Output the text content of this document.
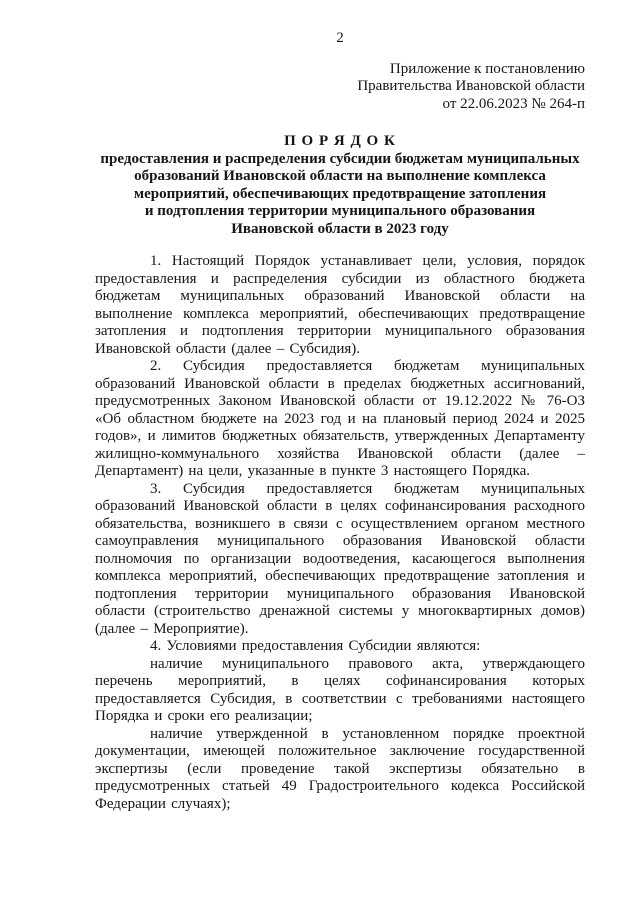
2
Приложение к постановлению
Правительства Ивановской области
от 22.06.2023 № 264-п
П О Р Я Д О К
предоставления и распределения субсидии бюджетам муниципальных
образований Ивановской области на выполнение комплекса
мероприятий, обеспечивающих предотвращение затопления
и подтопления территории муниципального образования
Ивановской области в 2023 году

1. Настоящий Порядок устанавливает цели, условия, порядок предоставления и распределения субсидии из областного бюджета бюджетам муниципальных образований Ивановской области на выполнение комплекса мероприятий, обеспечивающих предотвращение затопления и подтопления территории муниципального образования Ивановской области (далее – Субсидия).

2. Субсидия предоставляется бюджетам муниципальных образований Ивановской области в пределах бюджетных ассигнований, предусмотренных Законом Ивановской области от 19.12.2022 № 76-ОЗ «Об областном бюджете на 2023 год и на плановый период 2024 и 2025 годов», и лимитов бюджетных обязательств, утвержденных Департаменту жилищно-коммунального хозяйства Ивановской области (далее – Департамент) на цели, указанные в пункте 3 настоящего Порядка.

3. Субсидия предоставляется бюджетам муниципальных образований Ивановской области в целях софинансирования расходного обязательства, возникшего в связи с осуществлением органом местного самоуправления муниципального образования Ивановской области полномочия по организации водоотведения, касающегося выполнения комплекса мероприятий, обеспечивающих предотвращение затопления и подтопления территории муниципального образования Ивановской области (строительство дренажной системы у многоквартирных домов) (далее – Мероприятие).

4. Условиями предоставления Субсидии являются:

наличие муниципального правового акта, утверждающего перечень мероприятий, в целях софинансирования которых предоставляется Субсидия, в соответствии с требованиями настоящего Порядка и сроки его реализации;

наличие утвержденной в установленном порядке проектной документации, имеющей положительное заключение государственной экспертизы (если проведение такой экспертизы обязательно в предусмотренных статьей 49 Градостроительного кодекса Российской Федерации случаях);
